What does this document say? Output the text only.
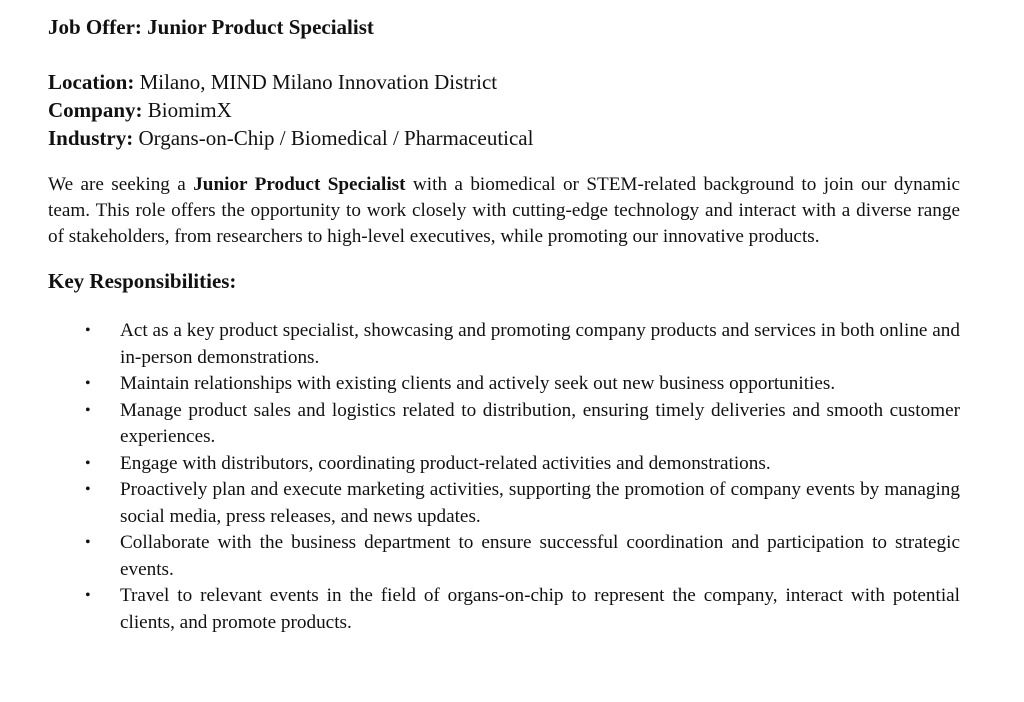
Job Offer: Junior Product Specialist

Location: Milano, MIND Milano Innovation District

Company: BiomimX

Industry: Organs-on-Chip / Biomedical / Pharmaceutical

We are seeking a Junior Product Specialist with a biomedical or STEM-related background to join our dynamic team. This role offers the opportunity to work closely with cutting-edge technology and interact with a diverse range of stakeholders, from researchers to high-level executives, while promoting our innovative products.

Key Responsibilities:
• Act as a key product specialist, showcasing and promoting company products and services in both online and in-person demonstrations.
• Maintain relationships with existing clients and actively seek out new business opportunities.
• Manage product sales and logistics related to distribution, ensuring timely deliveries and smooth customer experiences.
• Engage with distributors, coordinating product-related activities and demonstrations.
• Proactively plan and execute marketing activities, supporting the promotion of company events by managing social media, press releases, and news updates.
• Collaborate with the business department to ensure successful coordination and participation to strategic events.
• Travel to relevant events in the field of organs-on-chip to represent the company, interact with potential clients, and promote products.
